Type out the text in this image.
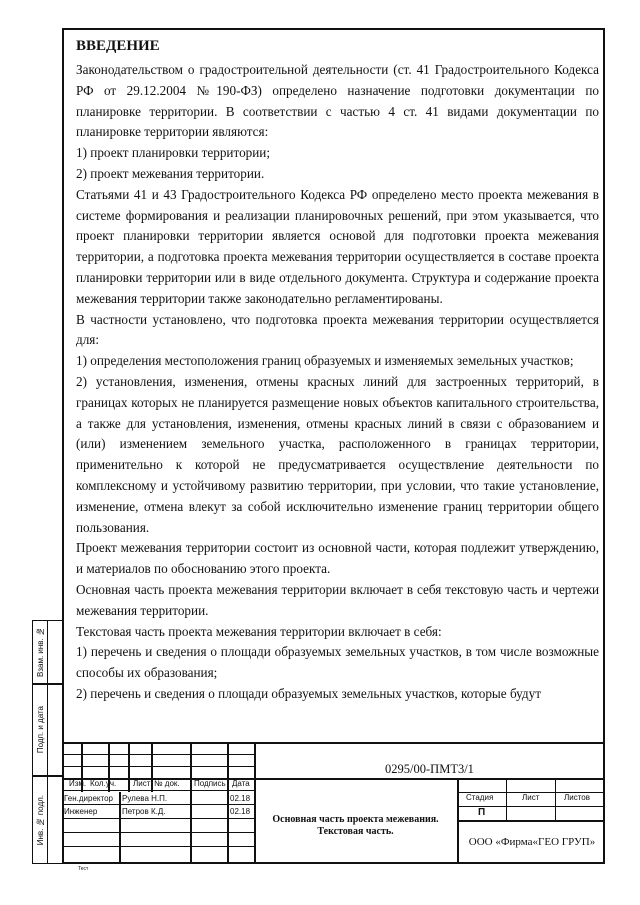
ВВЕДЕНИЕ

Законодательством о градостроительной деятельности (ст. 41 Градостроительного Кодекса РФ от 29.12.2004 №190-ФЗ) определено назначение подготовки документации по планировке территории. В соответствии с частью 4 ст. 41 видами документации по планировке территории являются:

1) проект планировки территории;

2) проект межевания территории.

Статьями 41 и 43 Градостроительного Кодекса РФ определено место проекта межевания в системе формирования и реализации планировочных решений, при этом указывается, что проект планировки территории является основой для подготовки проекта межевания территории, а подготовка проекта межевания территории осуществляется в составе проекта планировки территории или в виде отдельного документа. Структура и содержание проекта межевания территории также законодательно регламентированы.

В частности установлено, что подготовка проекта межевания территории осуществляется для:

1) определения местоположения границ образуемых и изменяемых земельных участков;

2) установления, изменения, отмены красных линий для застроенных территорий, в границах которых не планируется размещение новых объектов капитального строительства, а также для установления, изменения, отмены красных линий в связи с образованием и (или) изменением земельного участка, расположенного в границах территории, применительно к которой не предусматривается осуществление деятельности по комплексному и устойчивому развитию территории, при условии, что такие установление, изменение, отмена влекут за собой исключительно изменение границ территории общего пользования.

Проект межевания территории состоит из основной части, которая подлежит утверждению, и материалов по обоснованию этого проекта.

Основная часть проекта межевания территории включает в себя текстовую часть и чертежи межевания территории.

Текстовая часть проекта межевания территории включает в себя:

1) перечень и сведения о площади образуемых земельных участков, в том числе возможные способы их образования;

2) перечень и сведения о площади образуемых земельных участков, которые будут

Взам. инв. №
Подп. и дата
Инв. № подл.
0295/00-ПМТ3/1
Изм. Кол.уч. Лист № док. Подпись Дата
Ген.директор Рулева Н.П.	02.18
Инженер	Петров К.Д.	02.18
Основная часть проекта межевания. Текстовая часть.
Стадия	Лист	Листов
П
ООО «Фирма«ГЕО ГРУП»
Тест
